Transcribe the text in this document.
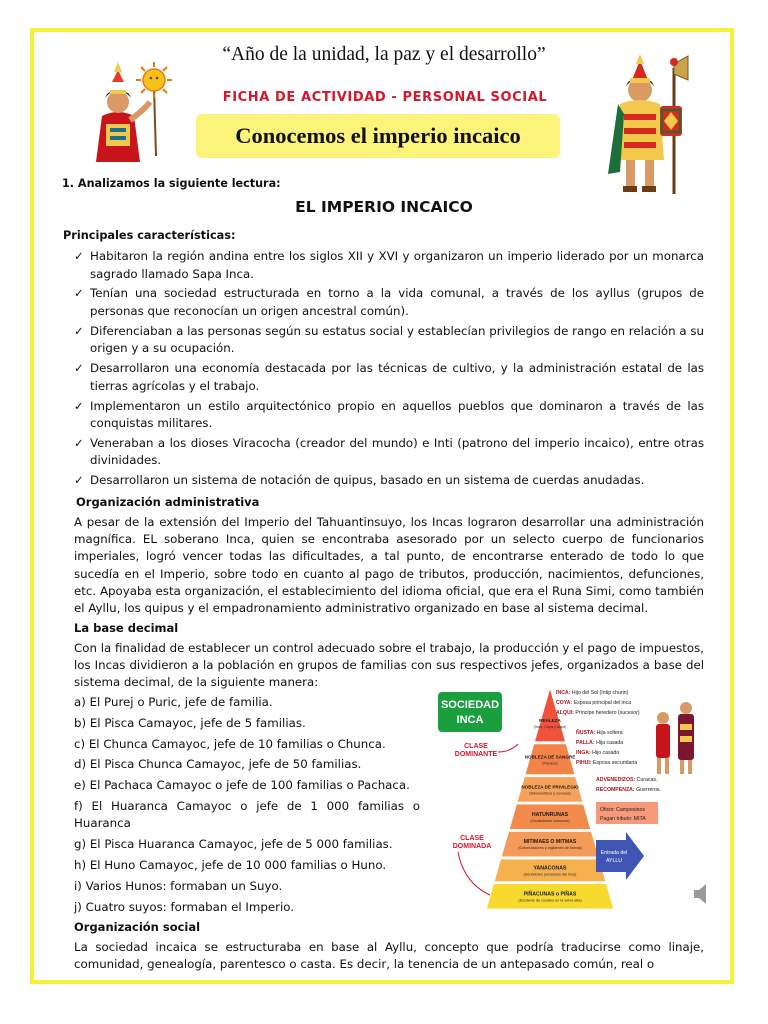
“Año de la unidad, la paz y el desarrollo”
FICHA DE ACTIVIDAD - PERSONAL SOCIAL
Conocemos el imperio incaico
1. Analizamos la siguiente lectura:
EL IMPERIO INCAICO
Principales características:
✓ Habitaron la región andina entre los siglos XII y XVI y organizaron un imperio liderado por un monarca sagrado llamado Sapa Inca.
✓ Tenían una sociedad estructurada en torno a la vida comunal, a través de los ayllus (grupos de personas que reconocían un origen ancestral común).
✓ Diferenciaban a las personas según su estatus social y establecían privilegios de rango en relación a su origen y a su ocupación.
✓ Desarrollaron una economía destacada por las técnicas de cultivo, y la administración estatal de las tierras agrícolas y el trabajo.
✓ Implementaron un estilo arquitectónico propio en aquellos pueblos que dominaron a través de las conquistas militares.
✓ Veneraban a los dioses Viracocha (creador del mundo) e Inti (patrono del imperio incaico), entre otras divinidades.
✓ Desarrollaron un sistema de notación de quipus, basado en un sistema de cuerdas anudadas.
Organización administrativa
A pesar de la extensión del Imperio del Tahuantinsuyo, los Incas lograron desarrollar una administración magnífica. EL soberano Inca, quien se encontraba asesorado por un selecto cuerpo de funcionarios imperiales, logró vencer todas las dificultades, a tal punto, de encontrarse enterado de todo lo que sucedía en el Imperio, sobre todo en cuanto al pago de tributos, producción, nacimientos, defunciones, etc. Apoyaba esta organización, el establecimiento del idioma oficial, que era el Runa Simi, como también el Ayllu, los quipus y el empadronamiento administrativo organizado en base al sistema decimal.
La base decimal
Con la finalidad de establecer un control adecuado sobre el trabajo, la producción y el pago de impuestos, los Incas dividieron a la población en grupos de familias con sus respectivos jefes, organizados a base del sistema decimal, de la siguiente manera:
a) El Purej o Puric, jefe de familia.
b) El Pisca Camayoc, jefe de 5 familias.
c) El Chunca Camayoc, jefe de 10 familias o Chunca.
d) El Pisca Chunca Camayoc, jefe de 50 familias.
e) El Pachaca Camayoc o jefe de 100 familias o Pachaca.
f) El Huaranca Camayoc o jefe de 1 000 familias o Huaranca
g) El Pisca Huaranca Camayoc, jefe de 5 000 familias.
h) El Huno Camayoc, jefe de 10 000 familias o Huno.
i) Varios Hunos: formaban un Suyo.
j) Cuatro suyos: formaban el Imperio.
Organización social
La sociedad incaica se estructuraba en base al Ayllu, concepto que podría traducirse como linaje, comunidad, genealogía, parentesco o casta. Es decir, la tenencia de un antepasado común, real o
SOCIEDAD
INCA
CLASE
DOMINANTE
CLASE
DOMINADA
REALEZA
(Inca, Coya y Alqui)
NOBLEZA DE SANGRE
(Panaca)
NOBLEZA DE PRIVILEGIO
(Advenedizos y curacas)
HATUNRUNAS
(Ciudadanos comunes)
MITIMAES O MITMAS
(Colonizadores y vigilantes de tierras)
YANACONAS
(Servidores perpetuos del inca)
PIÑACUNAS o PIÑAS
(Esclavos de cocales en la selva alta)
INCA: Hijo del Sol (Intip churin)
COYA: Esposa principal del inca
ALQUI: Príncipe heredero (sucesor)
ÑUSTA: Hija soltera
PALLA: Hija casada
INGA: Hijo casado
PIHUI: Esposa secundaria
ADVENEDIZOS: Curacas.
RECOMPENZA: Guerreros.
Oficio: Campesinos
Pagan tributo: MITA
Entrada del
AYLLU
